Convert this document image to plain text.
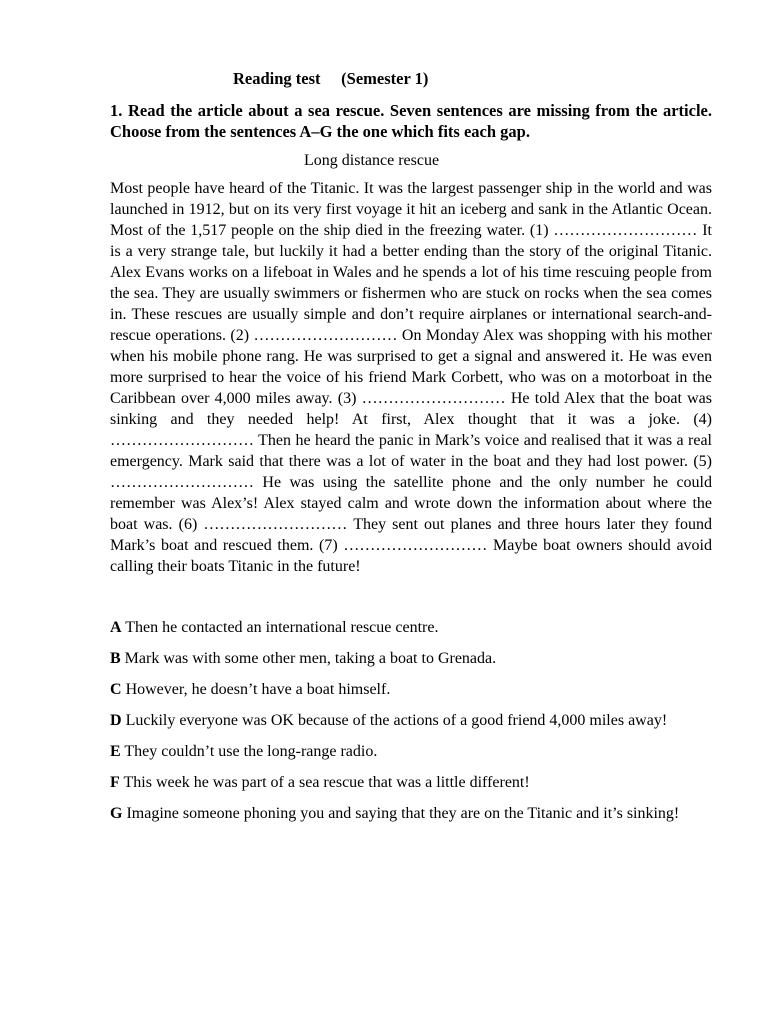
Reading test     (Semester 1)
1. Read the article about a sea rescue. Seven sentences are missing from the article. Choose from the sentences A–G the one which fits each gap.
Long distance rescue
Most people have heard of the Titanic. It was the largest passenger ship in the world and was launched in 1912, but on its very first voyage it hit an iceberg and sank in the Atlantic Ocean. Most of the 1,517 people on the ship died in the freezing water. (1) ……………………… It is a very strange tale, but luckily it had a better ending than the story of the original Titanic. Alex Evans works on a lifeboat in Wales and he spends a lot of his time rescuing people from the sea. They are usually swimmers or fishermen who are stuck on rocks when the sea comes in. These rescues are usually simple and don’t require airplanes or international search-and-rescue operations. (2) ……………………… On Monday Alex was shopping with his mother when his mobile phone rang. He was surprised to get a signal and answered it. He was even more surprised to hear the voice of his friend Mark Corbett, who was on a motorboat in the Caribbean over 4,000 miles away. (3) ……………………… He told Alex that the boat was sinking and they needed help! At first, Alex thought that it was a joke. (4) ……………………… Then he heard the panic in Mark’s voice and realised that it was a real emergency. Mark said that there was a lot of water in the boat and they had lost power. (5) ……………………… He was using the satellite phone and the only number he could remember was Alex’s! Alex stayed calm and wrote down the information about where the boat was. (6) ……………………… They sent out planes and three hours later they found Mark’s boat and rescued them. (7) ……………………… Maybe boat owners should avoid calling their boats Titanic in the future!
A Then he contacted an international rescue centre.
B Mark was with some other men, taking a boat to Grenada.
C However, he doesn’t have a boat himself.
D Luckily everyone was OK because of the actions of a good friend 4,000 miles away!
E They couldn’t use the long-range radio.
F This week he was part of a sea rescue that was a little different!
G Imagine someone phoning you and saying that they are on the Titanic and it’s sinking!
